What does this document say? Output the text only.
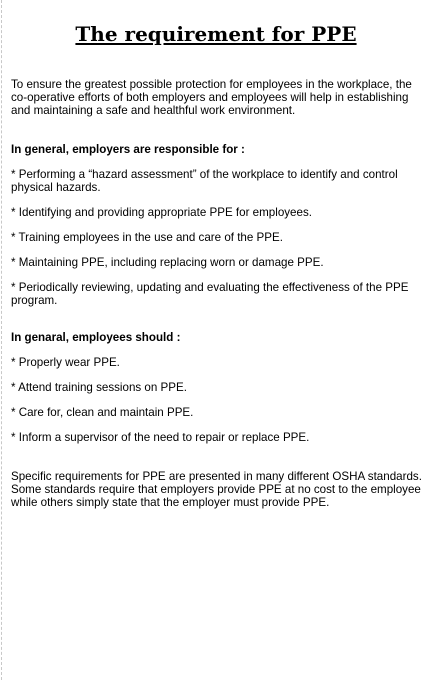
The requirement for PPE

To ensure the greatest possible protection for employees in the workplace, the co-operative efforts of both employers and employees will help in establishing and maintaining a safe and healthful work environment.

In general, employers are responsible for :
* Performing a “hazard assessment” of the workplace to identify and control physical hazards.
* Identifying and providing appropriate PPE for employees.
* Training employees in the use and care of the PPE.
* Maintaining PPE, including replacing worn or damage PPE.
* Periodically reviewing, updating and evaluating the effectiveness of the PPE program.
In genaral, employees should :
* Properly wear PPE.
* Attend training sessions on PPE.
* Care for, clean and maintain PPE.
* Inform a supervisor of the need to repair or replace PPE.

Specific requirements for PPE are presented in many different OSHA standards. Some standards require that employers provide PPE at no cost to the employee while others simply state that the employer must provide PPE.
